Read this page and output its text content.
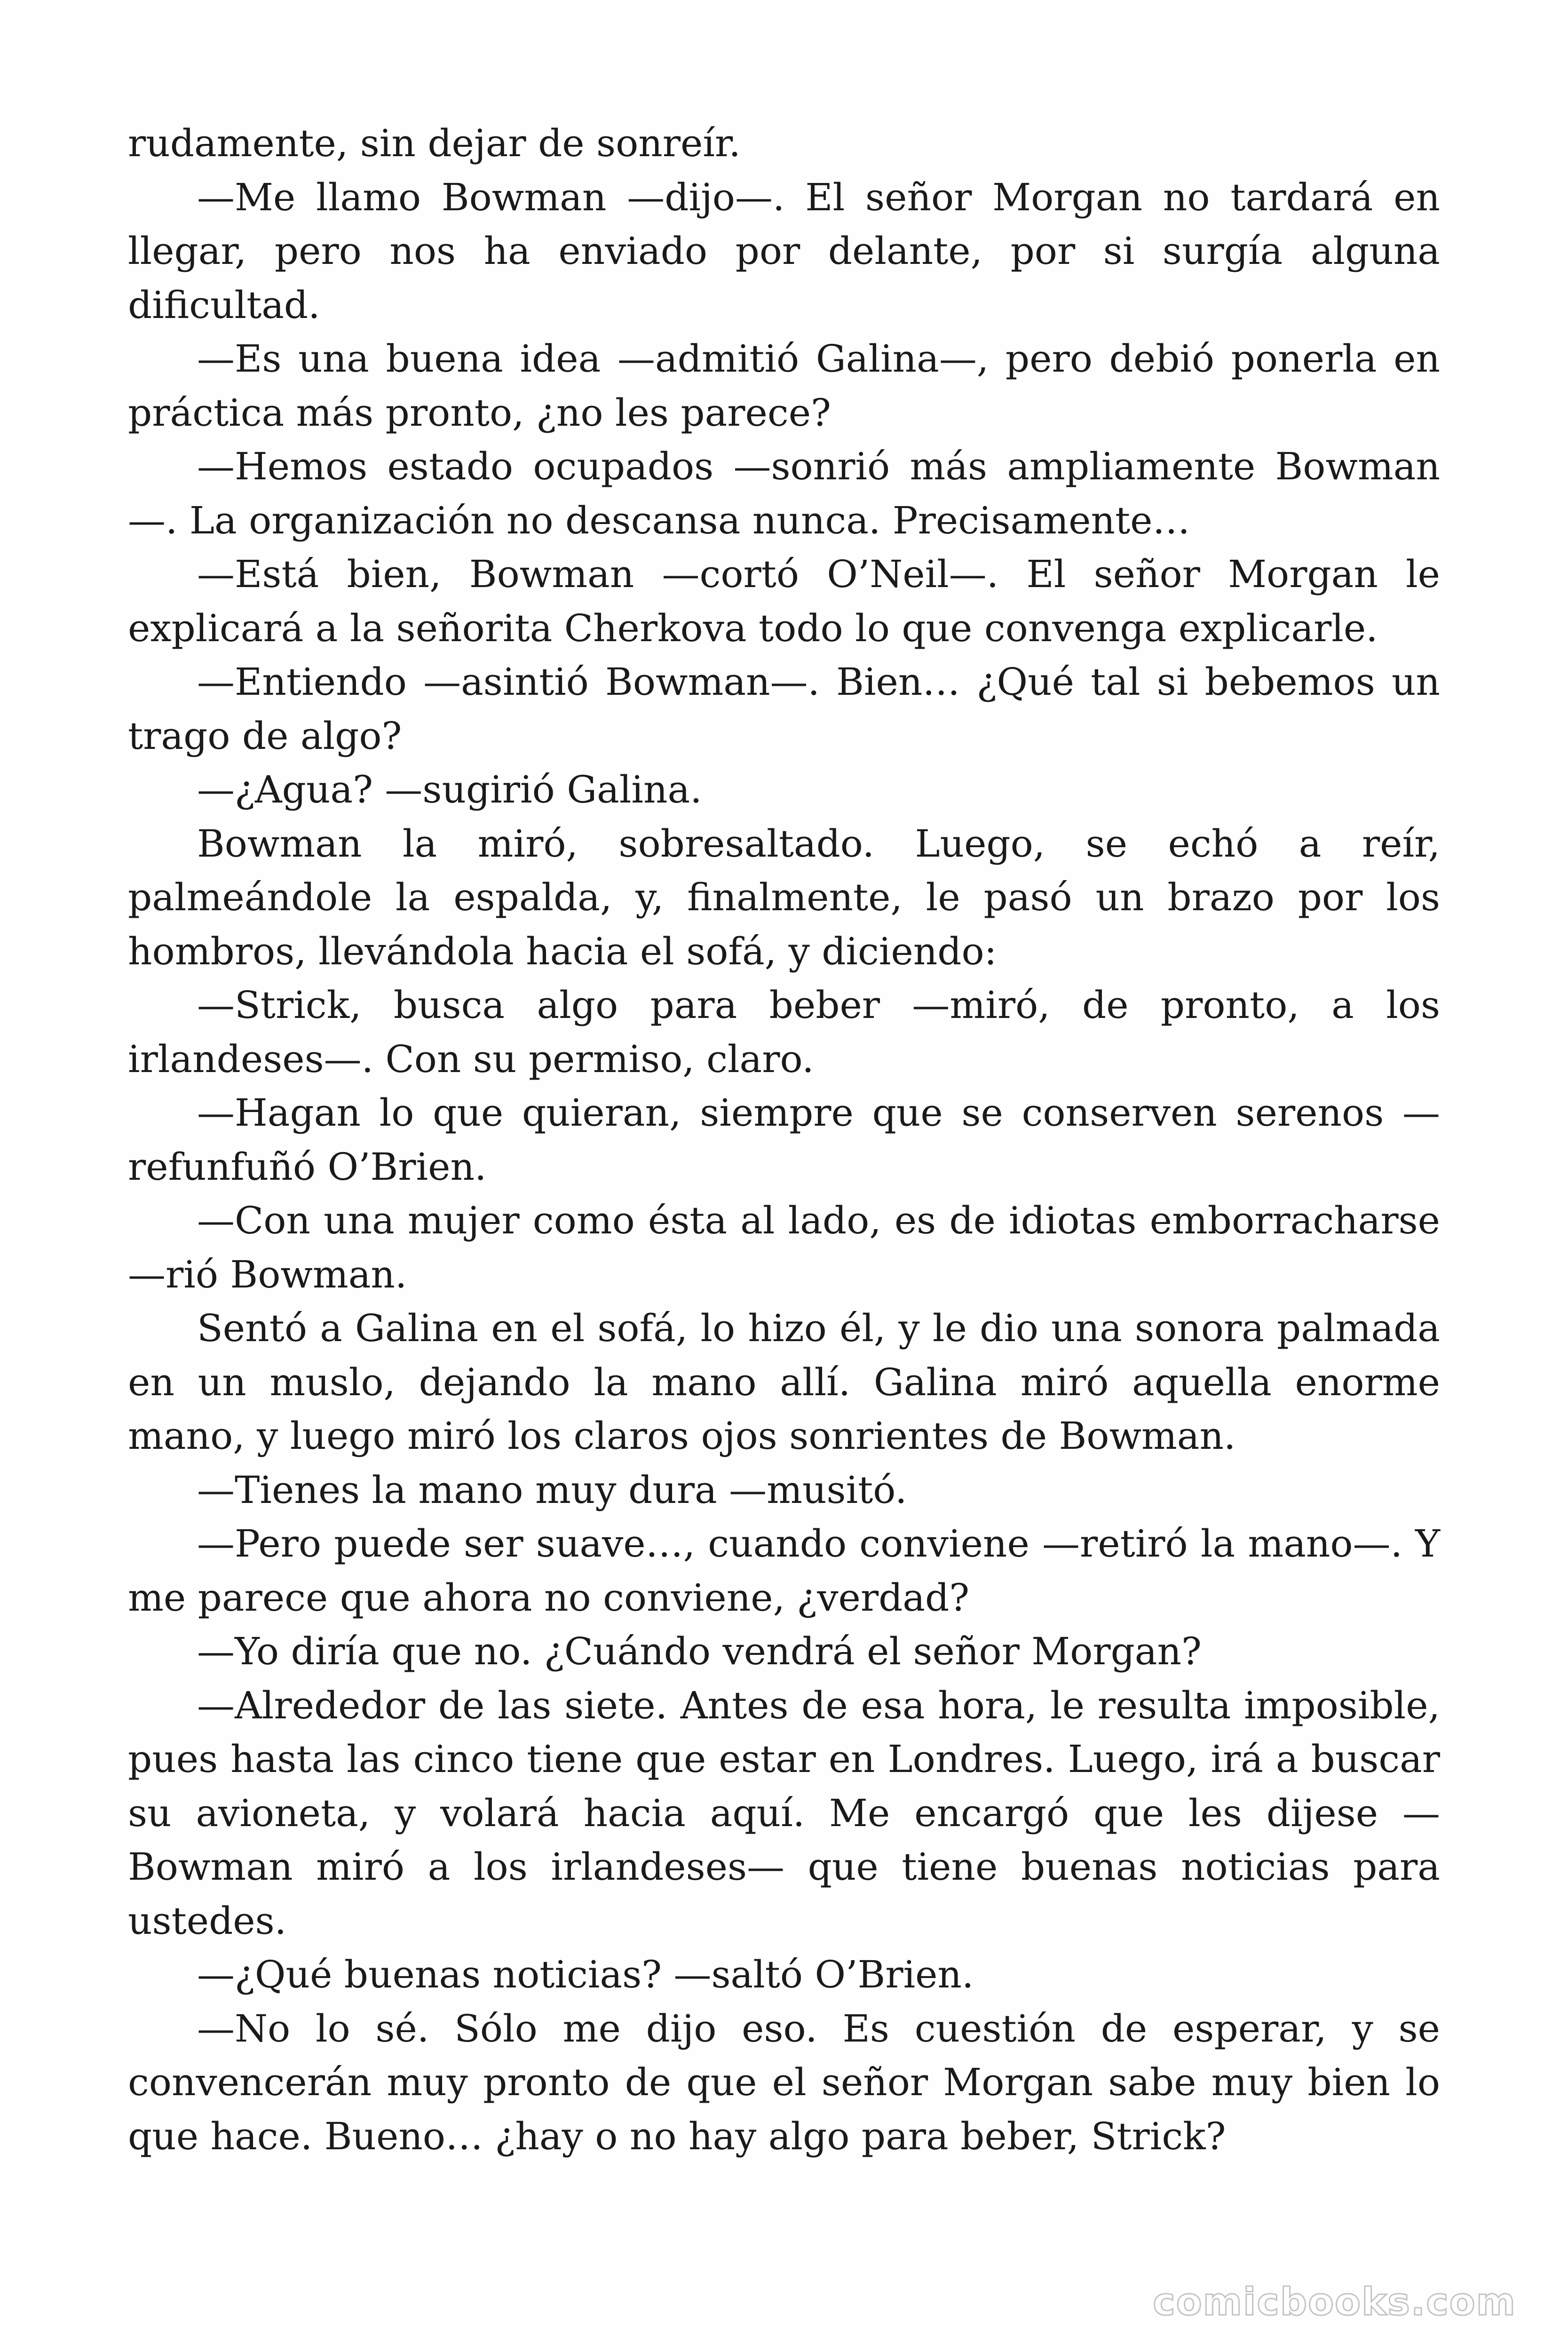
rudamente, sin dejar de sonreír.

—Me llamo Bowman —dijo—. El señor Morgan no tardará en llegar, pero nos ha enviado por delante, por si surgía alguna dificultad.

—Es una buena idea —admitió Galina—, pero debió ponerla en práctica más pronto, ¿no les parece?

—Hemos estado ocupados —sonrió más ampliamente Bowman —. La organización no descansa nunca. Precisamente…

—Está bien, Bowman —cortó O’Neil—. El señor Morgan le explicará a la señorita Cherkova todo lo que convenga explicarle.

—Entiendo —asintió Bowman—. Bien… ¿Qué tal si bebemos un trago de algo?

—¿Agua? —sugirió Galina.

Bowman la miró, sobresaltado. Luego, se echó a reír, palmeándole la espalda, y, finalmente, le pasó un brazo por los hombros, llevándola hacia el sofá, y diciendo:

—Strick, busca algo para beber —miró, de pronto, a los irlandeses—. Con su permiso, claro.

—Hagan lo que quieran, siempre que se conserven serenos — refunfuñó O’Brien.

—Con una mujer como ésta al lado, es de idiotas emborracharse —rió Bowman.

Sentó a Galina en el sofá, lo hizo él, y le dio una sonora palmada en un muslo, dejando la mano allí. Galina miró aquella enorme mano, y luego miró los claros ojos sonrientes de Bowman.

—Tienes la mano muy dura —musitó.

—Pero puede ser suave…, cuando conviene —retiró la mano—. Y me parece que ahora no conviene, ¿verdad?

—Yo diría que no. ¿Cuándo vendrá el señor Morgan?

—Alrededor de las siete. Antes de esa hora, le resulta imposible, pues hasta las cinco tiene que estar en Londres. Luego, irá a buscar su avioneta, y volará hacia aquí. Me encargó que les dijese — Bowman miró a los irlandeses— que tiene buenas noticias para ustedes.

—¿Qué buenas noticias? —saltó O’Brien.

—No lo sé. Sólo me dijo eso. Es cuestión de esperar, y se convencerán muy pronto de que el señor Morgan sabe muy bien lo que hace. Bueno… ¿hay o no hay algo para beber, Strick?

comicbooks.com
